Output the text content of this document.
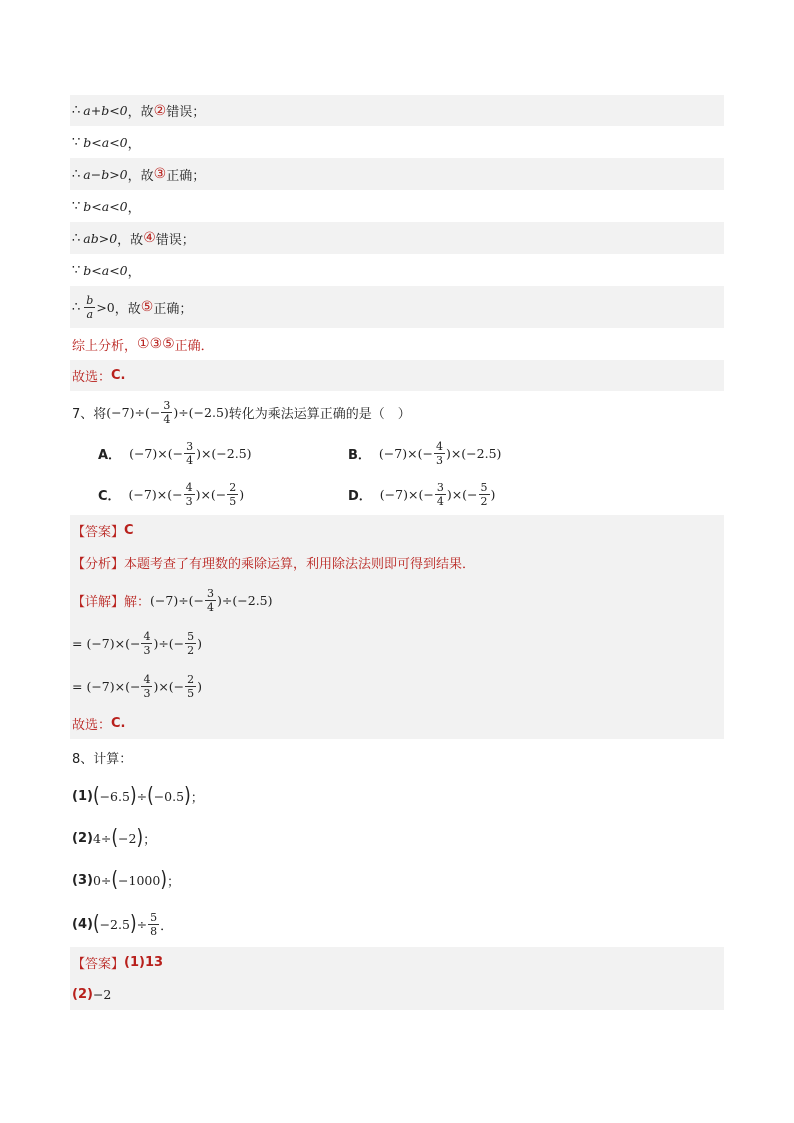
∴ a+b<0 ，故 ② 错误；
∵ b<a<0 ，
∴ a−b>0 ，故 ③ 正确；
∵ b<a<0 ，
∴ ab>0 ，故 ④ 错误；
∵ b<a<0 ，
∴ $\frac{b}{a} >0$ ，故 ⑤ 正确；
综上分析， ①③⑤ 正确．
故选： C.
7、 将 $(-7)\div(- \frac{3}{4} )\div(-2.5)$ 转化为乘法运算正确的是（　）
A． $(-7)\times(- \frac{3}{4} )\times(-2.5)$	B． $(-7)\times(- \frac{4}{3} )\times(-2.5)$
C． $(-7)\times(- \frac{4}{3}$ )×(− $\frac{2}{5}$ )	D． $(-7)\times(- \frac{3}{4}$ )×(− $\frac{5}{2}$ )
【答案】 C
【分析】 本题考查了有理数的乘除运算，利用除法法则即可得到结果．
【详解】 解： $(-7)\div(- \frac{3}{4} )\div(-2.5)$
= $(-7)\times(- \frac{4}{3}$ )÷(− $\frac{5}{2}$ )
= $(-7)\times(- \frac{4}{3}$ )×(− $\frac{2}{5}$ )
故选： C.
8、 计算：
(1) ( −6.5 ) ÷ ( −0.5 ) ；
(2) 4÷ ( −2 ) ；
(3) 0÷ ( −1000 ) ；
(4) ( −2.5 ) ÷ $\frac{5}{8}$ ．
【答案】 (1)13
(2) −2
